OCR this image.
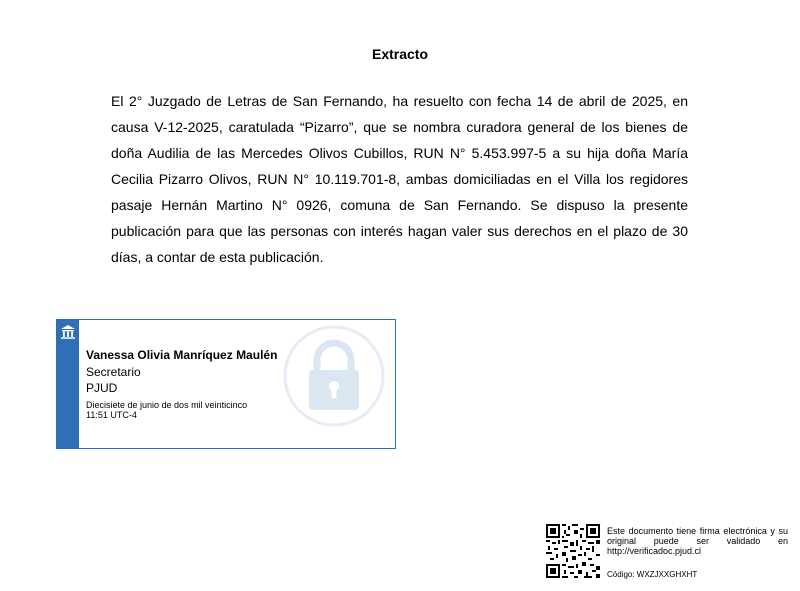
Extracto
El 2° Juzgado de Letras de San Fernando, ha resuelto con fecha 14 de abril de 2025, en causa V-12-2025, caratulada “Pizarro”, que se nombra curadora general de los bienes de doña Audilia de las Mercedes Olivos Cubillos, RUN N° 5.453.997-5 a su hija doña María Cecilia Pizarro Olivos, RUN N° 10.119.701-8, ambas domiciliadas en el Villa los regidores pasaje Hernán Martino N° 0926, comuna de San Fernando. Se dispuso la presente publicación para que las personas con interés hagan valer sus derechos en el plazo de 30 días, a contar de esta publicación.
Vanessa Olivia Manríquez Maulén
Secretario
PJUD
Diecisiete de junio de dos mil veinticinco
11:51 UTC-4
Este documento tiene firma electrónica y su original puede ser validado en http://verificadoc.pjud.cl
Código: WXZJXXGHXHT
